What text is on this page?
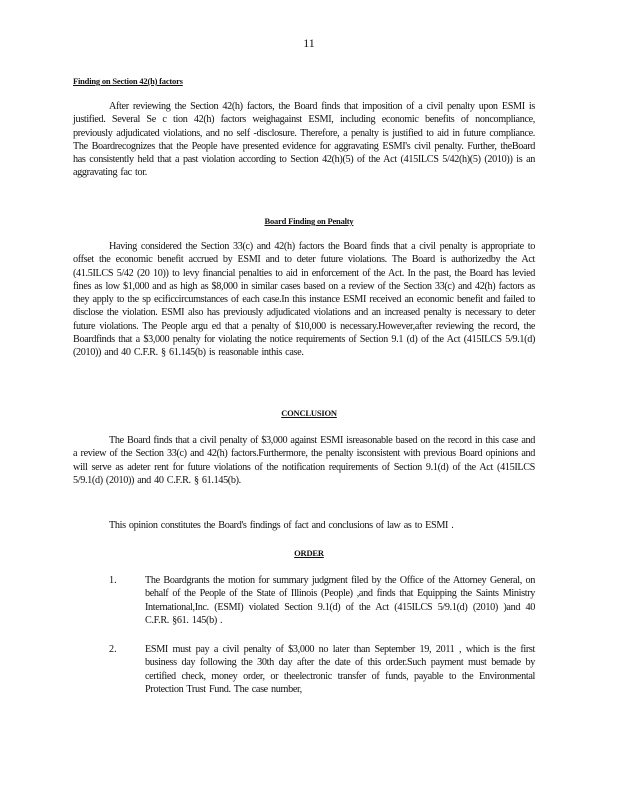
11
Finding on Section 42(h) factors
After reviewing the Section 42(h) factors, the Board finds that imposition of a civil penalty upon ESMI is justified. Several Se c tion 42(h) factors weighagainst ESMI, including economic benefits of noncompliance, previously adjudicated violations, and no self -disclosure. Therefore, a penalty is justified to aid in future compliance. The Boardrecognizes that the People have presented evidence for aggravating ESMI's civil penalty. Further, theBoard has consistently held that a past violation according to Section 42(h)(5) of the Act (415ILCS 5/42(h)(5) (2010)) is an aggravating fac tor.
Board Finding on Penalty
Having considered the Section 33(c) and 42(h) factors the Board finds that a civil penalty is appropriate to offset the economic benefit accrued by ESMI and to deter future violations. The Board is authorizedby the Act (41.5ILCS 5/42 (20 10)) to levy financial penalties to aid in enforcement of the Act. In the past, the Board has levied fines as low $1,000 and as high as $8,000 in similar cases based on a review of the Section 33(c) and 42(h) factors as they apply to the sp ecificcircumstances of each case.In this instance ESMI received an economic benefit and failed to disclose the violation. ESMI also has previously adjudicated violations and an increased penalty is necessary to deter future violations. The People argu ed that a penalty of $10,000 is necessary.However,after reviewing the record, the Boardfinds that a $3,000 penalty for violating the notice requirements of Section 9.1 (d) of the Act (415ILCS 5/9.1(d) (2010)) and 40 C.F.R. § 61.145(b) is reasonable inthis case.
CONCLUSION
The Board finds that a civil penalty of $3,000 against ESMI isreasonable based on the record in this case and a review of the Section 33(c) and 42(h) factors.Furthermore, the penalty isconsistent with previous Board opinions and will serve as adeter rent for future violations of the notification requirements of Section 9.1(d) of the Act (415ILCS 5/9.1(d) (2010)) and 40 C.F.R. § 61.145(b).
This opinion constitutes the Board's findings of fact and conclusions of law as to ESMI .
ORDER
1.	The Boardgrants the motion for summary judgment filed by the Office of the Attorney General, on behalf of the People of the State of Illinois (People) ,and finds that Equipping the Saints Ministry International,Inc. (ESMI) violated Section 9.1(d) of the Act (415ILCS 5/9.1(d) (2010) )and 40 C.F.R. §61. 145(b) .
2.	ESMI must pay a civil penalty of $3,000 no later than September 19, 2011 , which is the first business day following the 30th day after the date of this order.Such payment must bemade by certified check, money order, or theelectronic transfer of funds, payable to the Environmental Protection Trust Fund. The case number,
